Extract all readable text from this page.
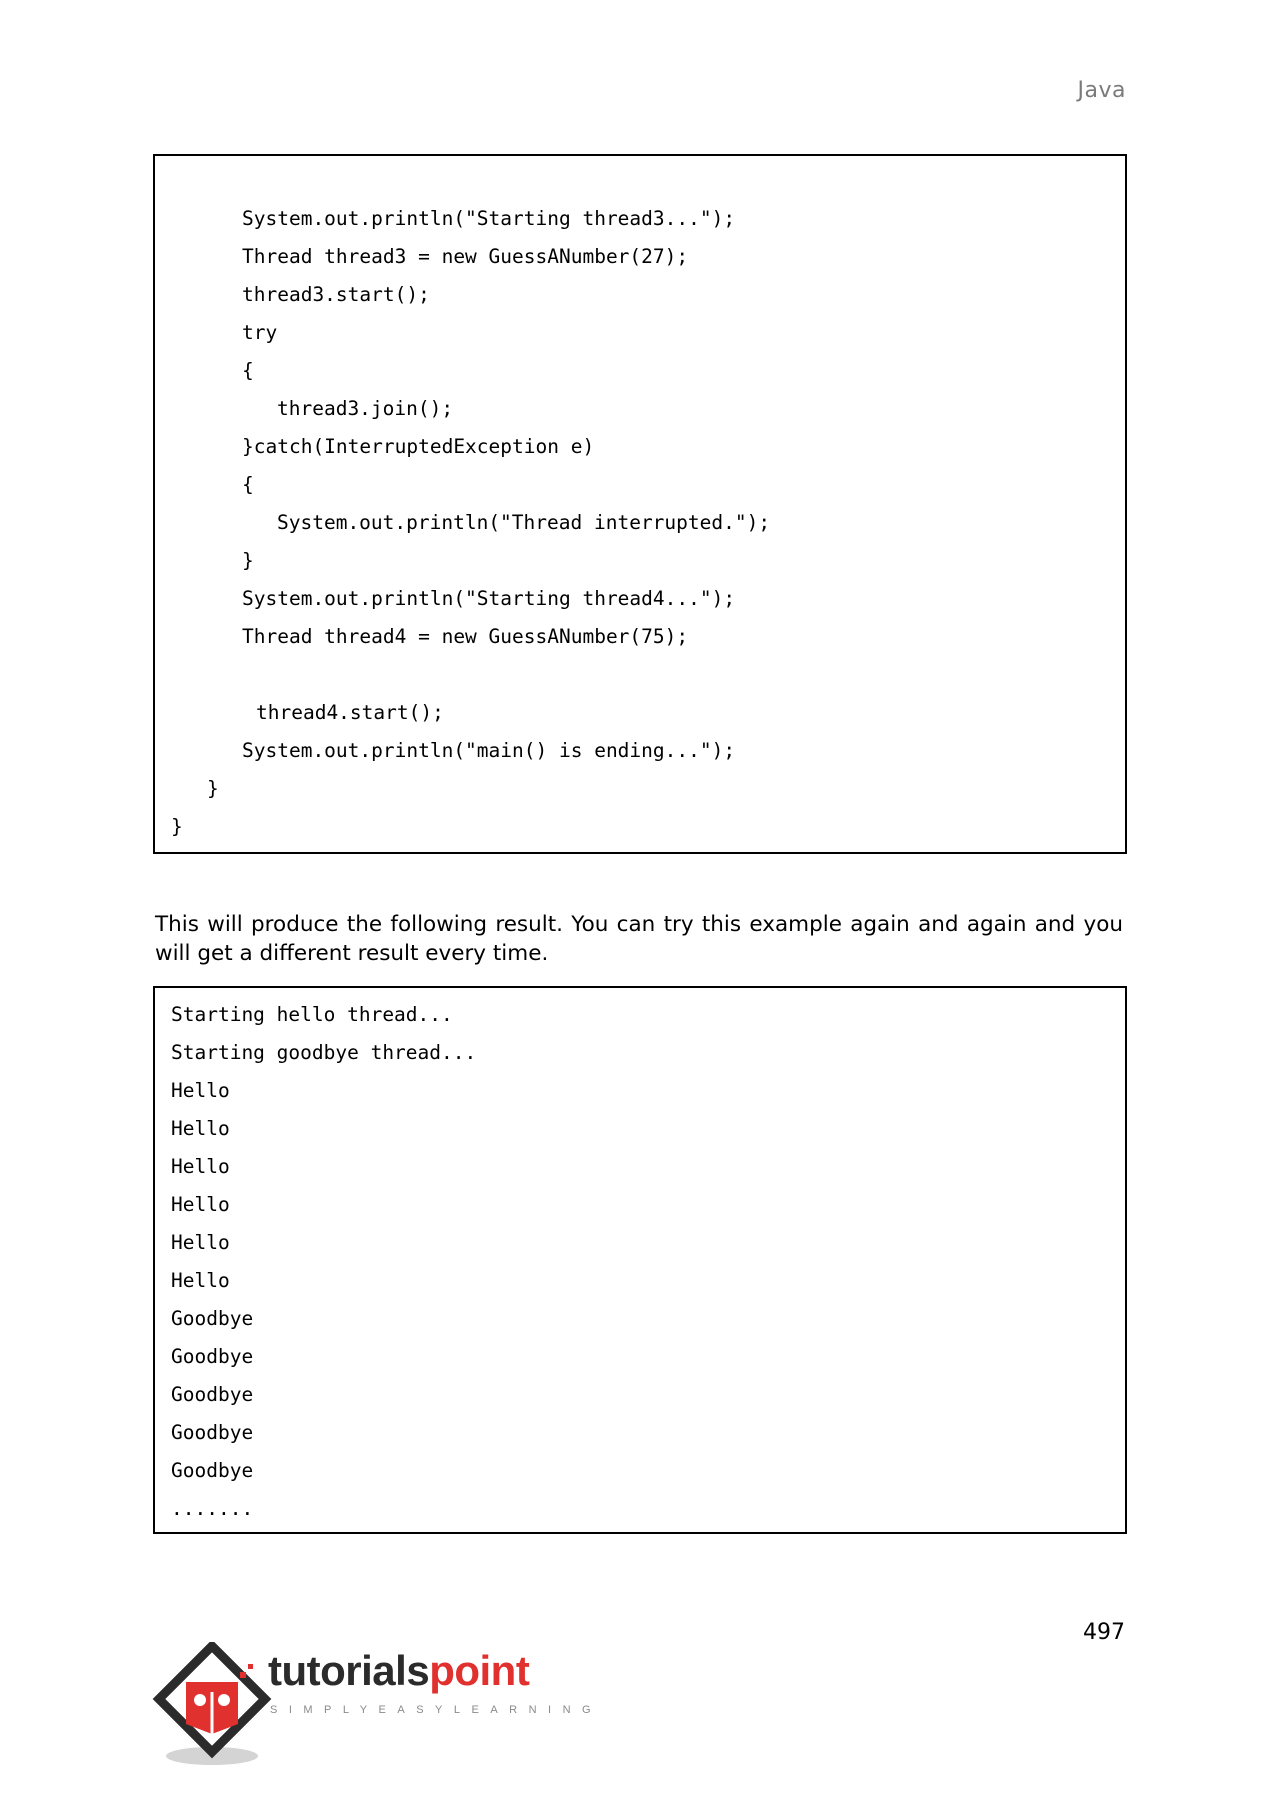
Java
System.out.println("Starting thread3...");
Thread thread3 = new GuessANumber(27);
thread3.start();
try
{
thread3.join();
}catch(InterruptedException e)
{
System.out.println("Thread interrupted.");
}
System.out.println("Starting thread4...");
Thread thread4 = new GuessANumber(75);
thread4.start();
System.out.println("main() is ending...");
}
}

This will produce the following result. You can try this example again and again and you will get a different result every time.

Starting hello thread...
Starting goodbye thread...
Hello
Hello
Hello
Hello
Hello
Hello
Goodbye
Goodbye
Goodbye
Goodbye
Goodbye
.......
497
tutorialspoint
SIMPLYEASYLEARNING
